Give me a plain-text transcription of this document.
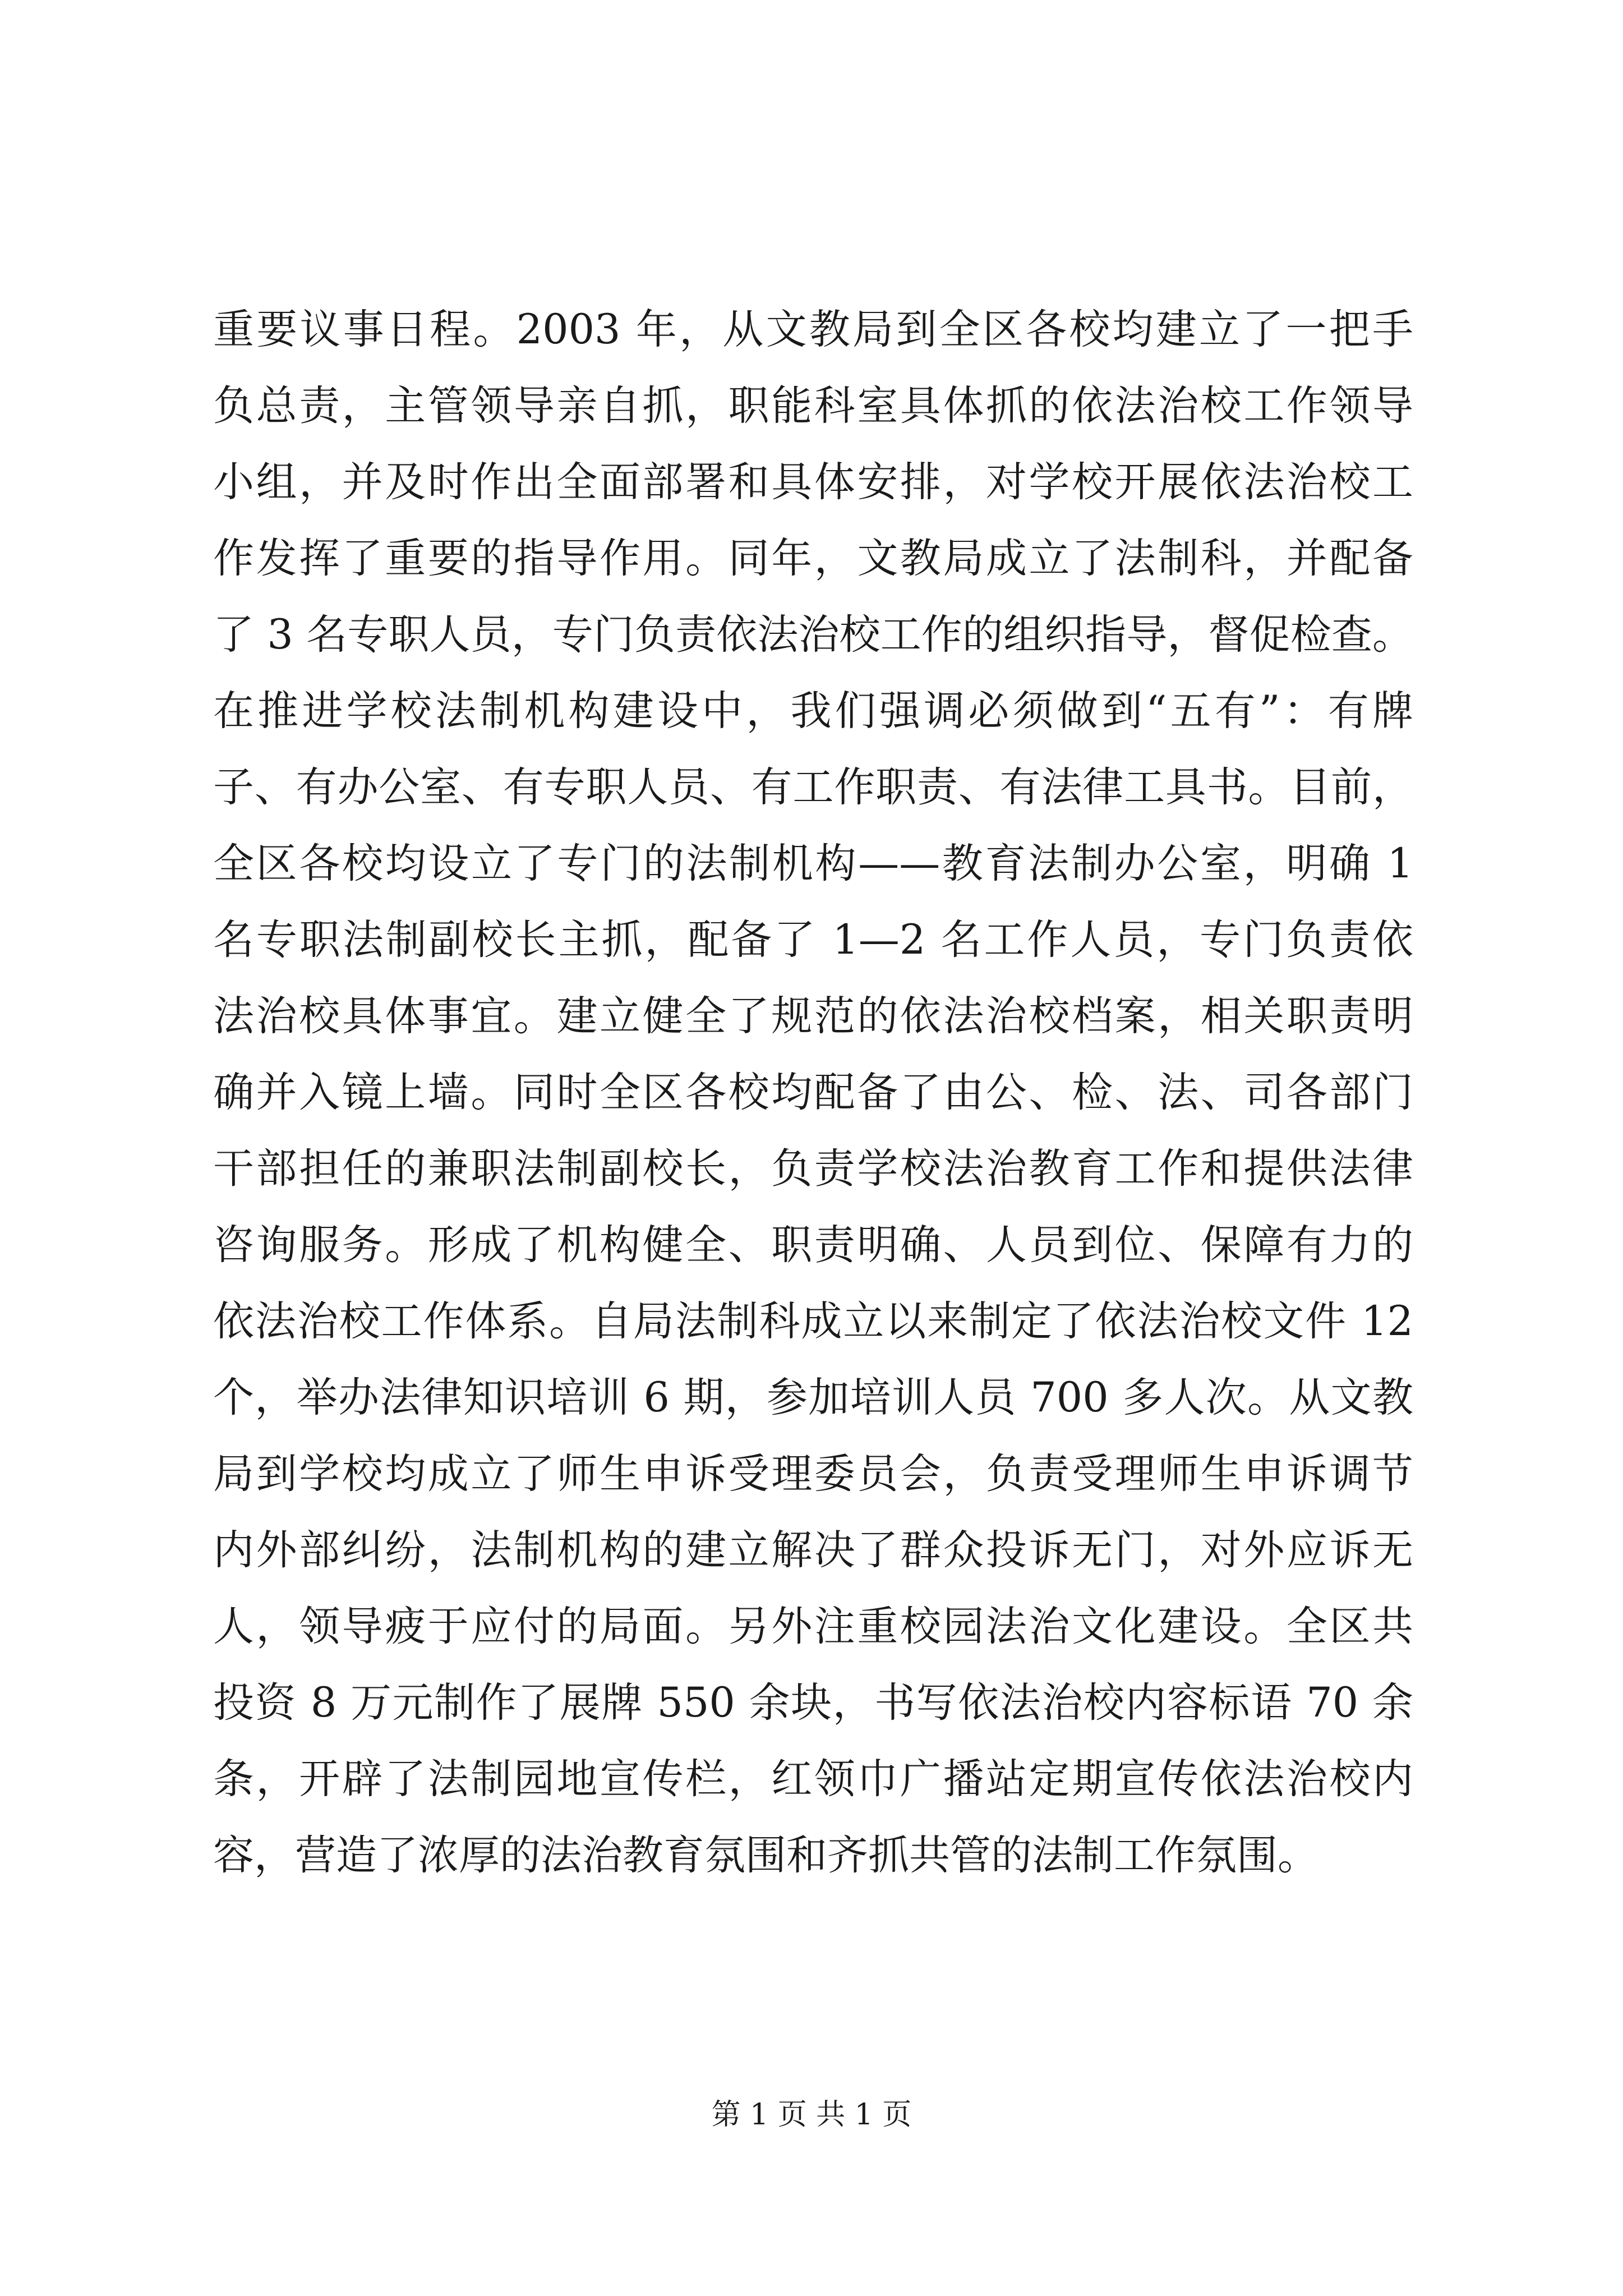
重要议事日程。2003 年，从文教局到全区各校均建立了一把手
负总责，主管领导亲自抓，职能科室具体抓的依法治校工作领导
小组，并及时作出全面部署和具体安排，对学校开展依法治校工
作发挥了重要的指导作用。同年，文教局成立了法制科，并配备
了 3 名专职人员，专门负责依法治校工作的组织指导，督促检查。
在推进学校法制机构建设中，我们强调必须做到“五有”：有牌
子、有办公室、有专职人员、有工作职责、有法律工具书。目前，
全区各校均设立了专门的法制机构——教育法制办公室，明确 1
名专职法制副校长主抓，配备了 1—2 名工作人员，专门负责依
法治校具体事宜。建立健全了规范的依法治校档案，相关职责明
确并入镜上墙。同时全区各校均配备了由公、检、法、司各部门
干部担任的兼职法制副校长，负责学校法治教育工作和提供法律
咨询服务。形成了机构健全、职责明确、人员到位、保障有力的
依法治校工作体系。自局法制科成立以来制定了依法治校文件 12
个，举办法律知识培训 6 期，参加培训人员 700 多人次。从文教
局到学校均成立了师生申诉受理委员会，负责受理师生申诉调节
内外部纠纷，法制机构的建立解决了群众投诉无门，对外应诉无
人，领导疲于应付的局面。另外注重校园法治文化建设。全区共
投资 8 万元制作了展牌 550 余块，书写依法治校内容标语 70 余
条，开辟了法制园地宣传栏，红领巾广播站定期宣传依法治校内
容，营造了浓厚的法治教育氛围和齐抓共管的法制工作氛围。
第 1 页 共 1 页
